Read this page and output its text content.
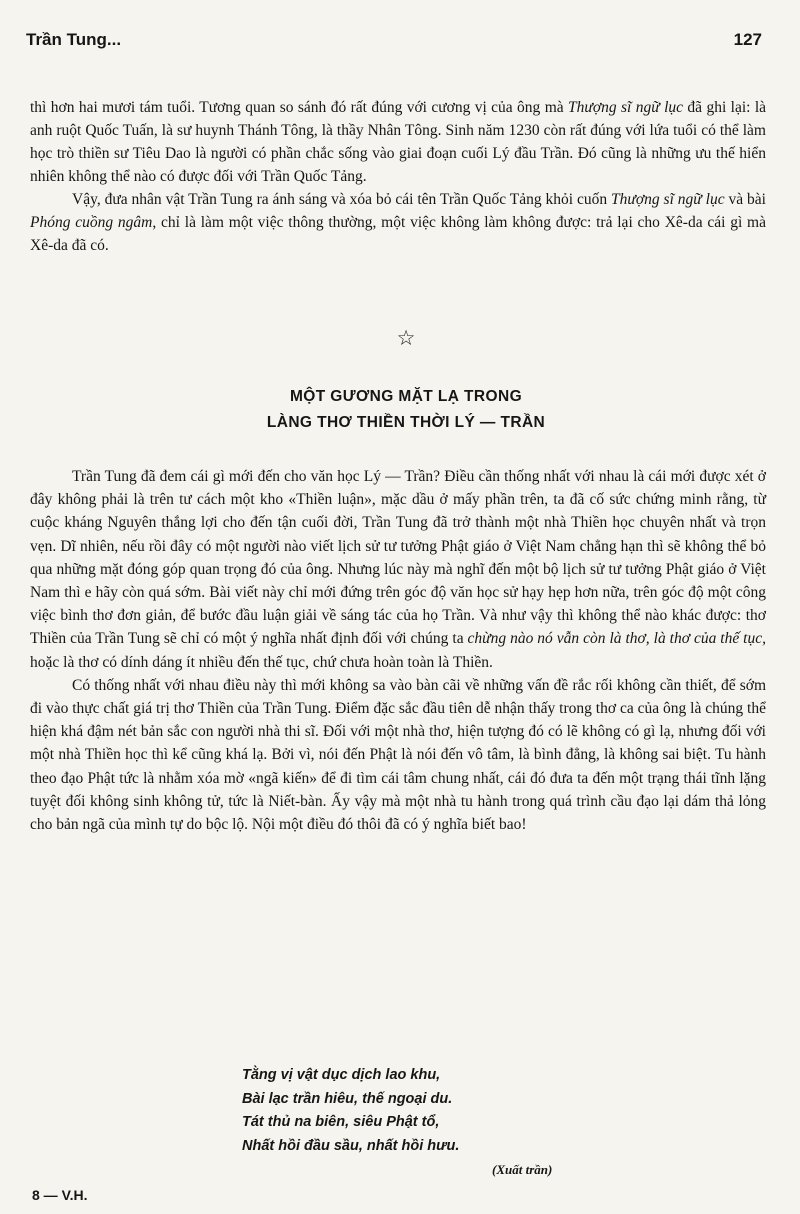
Trần Tung...	127

thì hơn hai mươi tám tuổi. Tương quan so sánh đó rất đúng với cương vị của ông mà Thượng sĩ ngữ lục đã ghi lại: là anh ruột Quốc Tuấn, là sư huynh Thánh Tông, là thầy Nhân Tông. Sinh năm 1230 còn rất đúng với lứa tuổi có thể làm học trò thiền sư Tiêu Dao là người có phần chắc sống vào giai đoạn cuối Lý đầu Trần. Đó cũng là những ưu thế hiển nhiên không thể nào có được đối với Trần Quốc Tảng.

Vậy, đưa nhân vật Trần Tung ra ánh sáng và xóa bỏ cái tên Trần Quốc Tảng khỏi cuốn Thượng sĩ ngữ lục và bài Phóng cuồng ngâm, chỉ là làm một việc thông thường, một việc không làm không được: trả lại cho Xê-da cái gì mà Xê-da đã có.

☆
MỘT GƯƠNG MẶT LẠ TRONG
LÀNG THƠ THIỀN THỜI LÝ — TRẦN

Trần Tung đã đem cái gì mới đến cho văn học Lý — Trần? Điều cần thống nhất với nhau là cái mới được xét ở đây không phải là trên tư cách một kho «Thiền luận», mặc dầu ở mấy phần trên, ta đã cố sức chứng minh rằng, từ cuộc kháng Nguyên thắng lợi cho đến tận cuối đời, Trần Tung đã trở thành một nhà Thiền học chuyên nhất và trọn vẹn. Dĩ nhiên, nếu rồi đây có một người nào viết lịch sử tư tưởng Phật giáo ở Việt Nam chẳng hạn thì sẽ không thể bỏ qua những mặt đóng góp quan trọng đó của ông. Nhưng lúc này mà nghĩ đến một bộ lịch sử tư tưởng Phật giáo ở Việt Nam thì e hãy còn quá sớm. Bài viết này chỉ mới đứng trên góc độ văn học sử hạy hẹp hơn nữa, trên góc độ một công việc bình thơ đơn giản, để bước đầu luận giải về sáng tác của họ Trần. Và như vậy thì không thể nào khác được: thơ Thiền của Trần Tung sẽ chỉ có một ý nghĩa nhất định đối với chúng ta chừng nào nó vẫn còn là thơ, là thơ của thế tục, hoặc là thơ có dính dáng ít nhiều đến thế tục, chứ chưa hoàn toàn là Thiền.

Có thống nhất với nhau điều này thì mới không sa vào bàn cãi về những vấn đề rắc rối không cần thiết, để sớm đi vào thực chất giá trị thơ Thiền của Trần Tung. Điểm đặc sắc đầu tiên dễ nhận thấy trong thơ ca của ông là chúng thể hiện khá đậm nét bản sắc con người nhà thi sĩ. Đối với một nhà thơ, hiện tượng đó có lẽ không có gì lạ, nhưng đối với một nhà Thiền học thì kể cũng khá lạ. Bởi vì, nói đến Phật là nói đến vô tâm, là bình đẳng, là không sai biệt. Tu hành theo đạo Phật tức là nhằm xóa mờ «ngã kiến» để đi tìm cái tâm chung nhất, cái đó đưa ta đến một trạng thái tĩnh lặng tuyệt đối không sinh không tử, tức là Niết-bàn. Ấy vậy mà một nhà tu hành trong quá trình cầu đạo lại dám thả lỏng cho bản ngã của mình tự do bộc lộ. Nội một điều đó thôi đã có ý nghĩa biết bao!

Tằng vị vật dục dịch lao khu,
Bài lạc trần hiêu, thế ngoại du.
Tát thủ na biên, siêu Phật tổ,
Nhất hồi đầu sầu, nhất hồi hưu.
(Xuất trần)
8 — V.H.
